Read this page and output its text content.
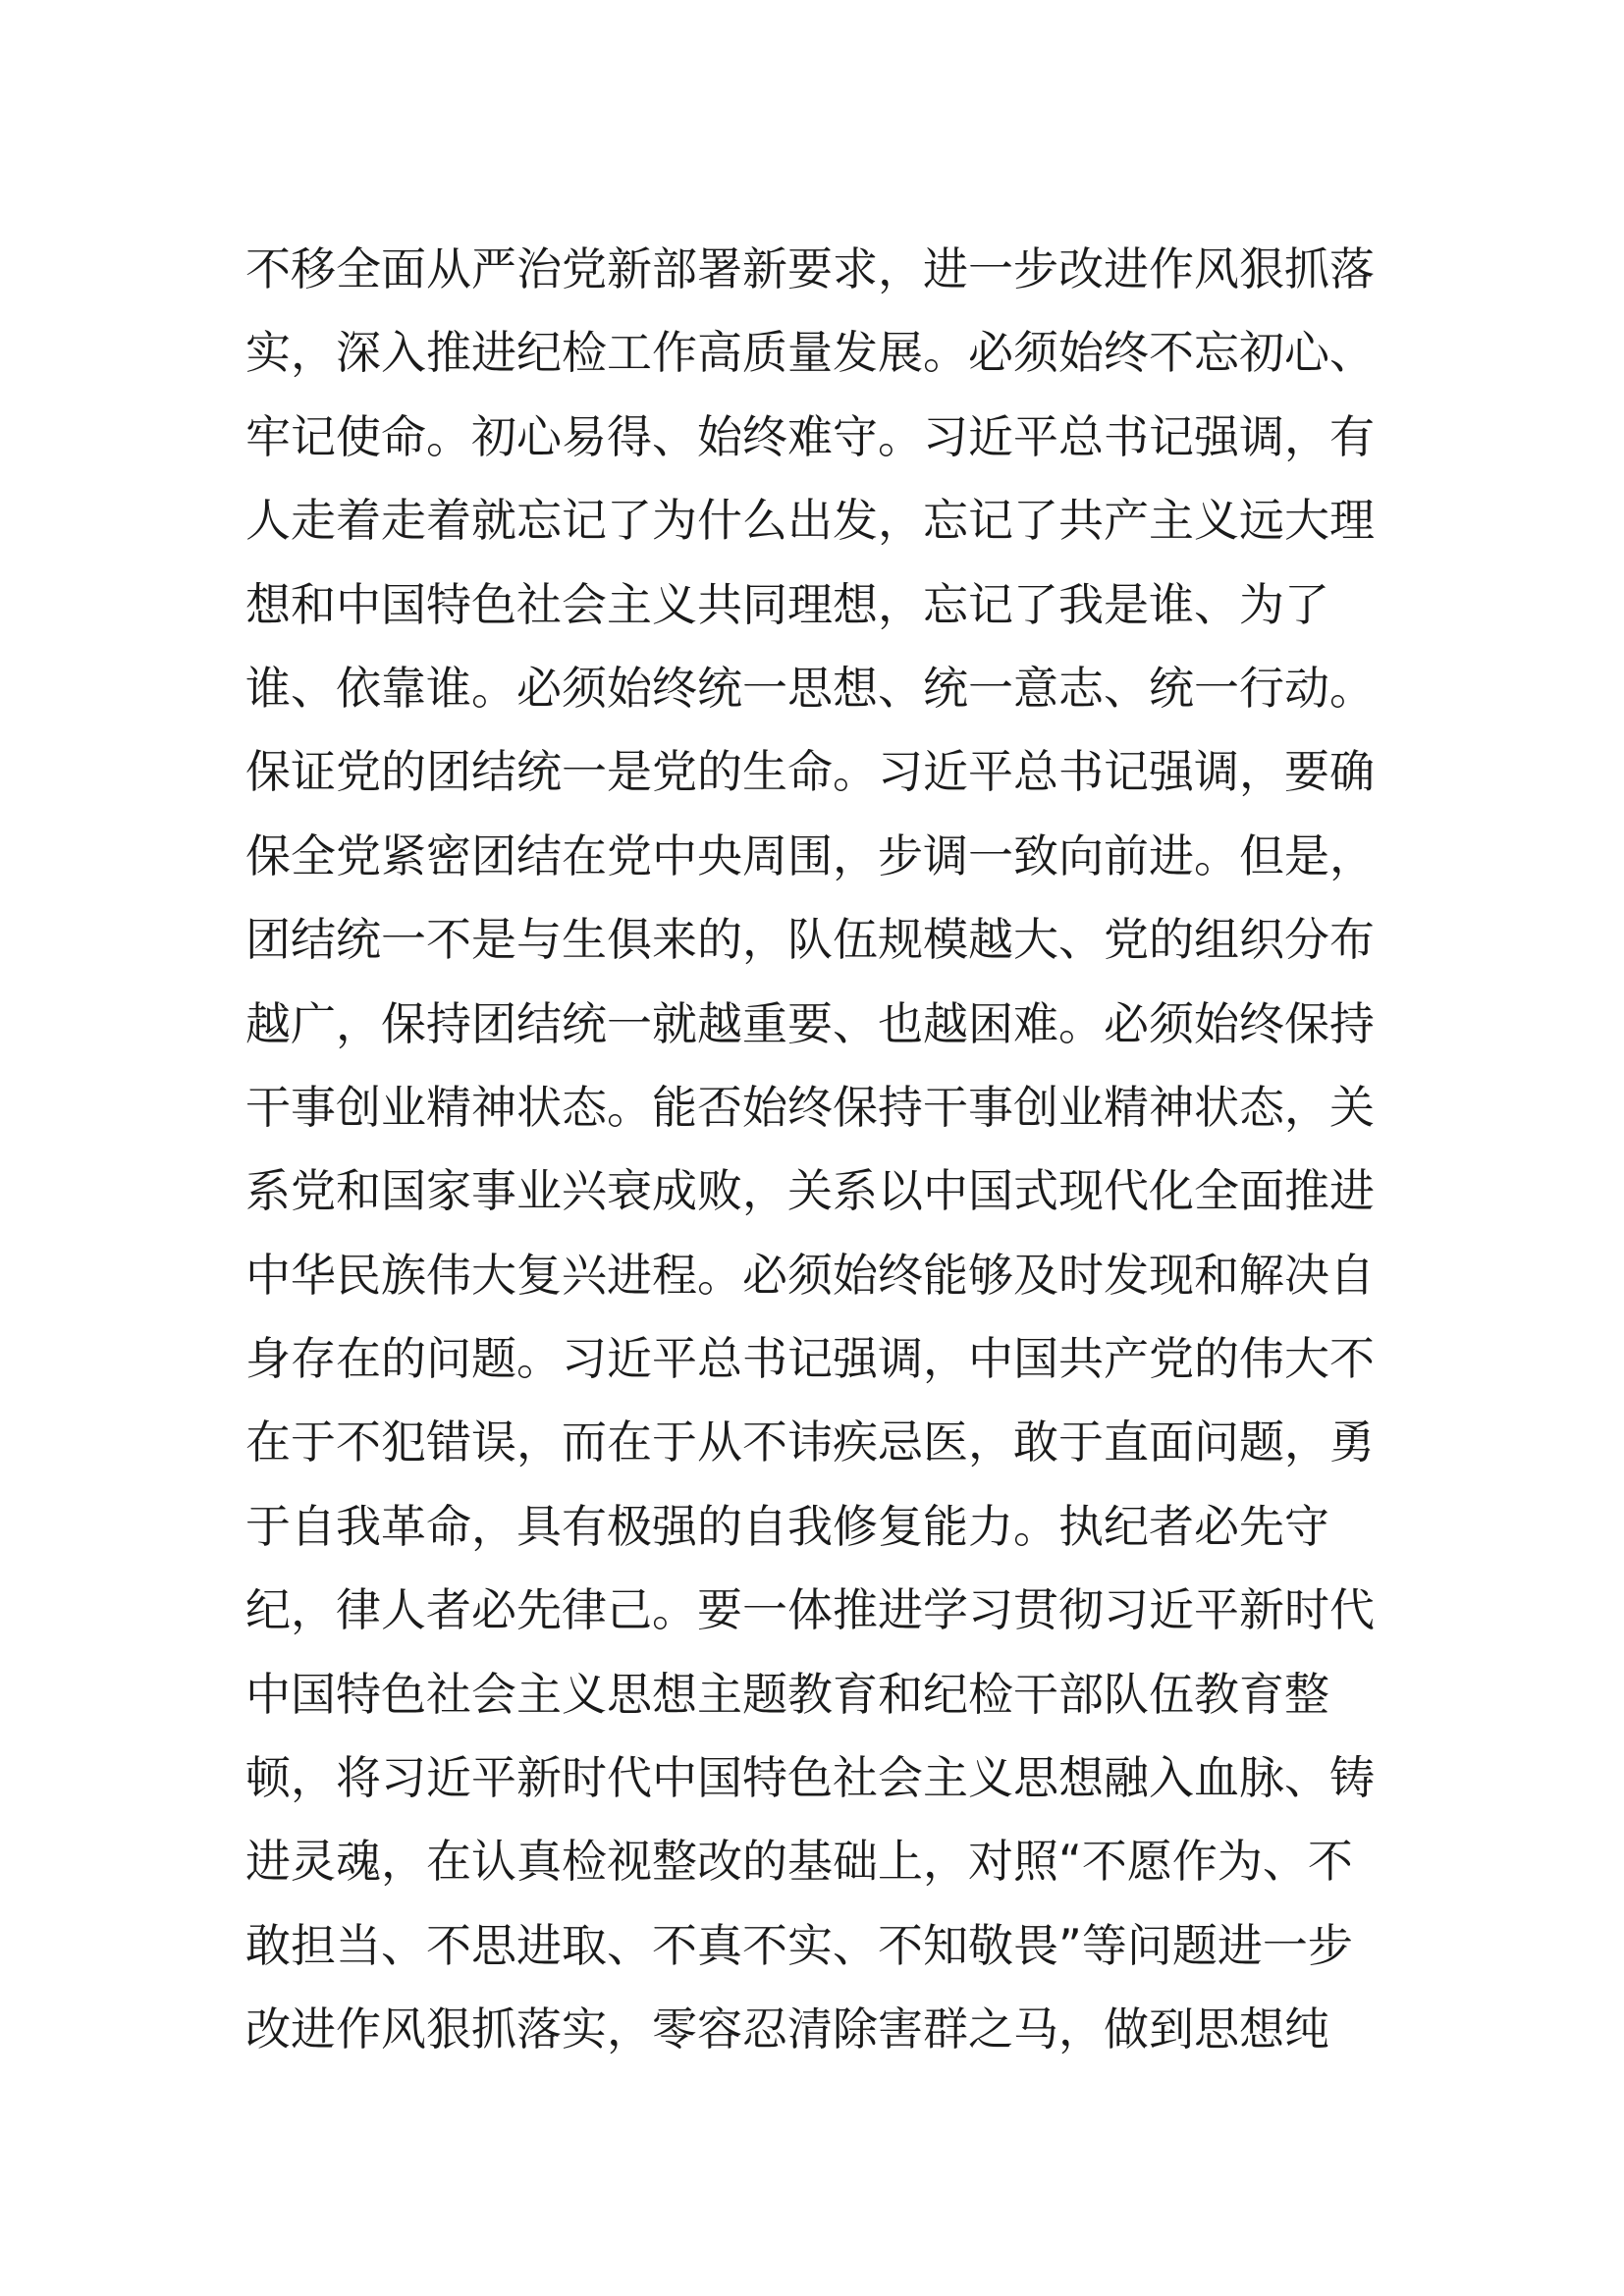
不移全面从严治党新部署新要求，进一步改进作风狠抓落
实，深入推进纪检工作高质量发展。必须始终不忘初心、
牢记使命。初心易得、始终难守。习近平总书记强调，有
人走着走着就忘记了为什么出发，忘记了共产主义远大理
想和中国特色社会主义共同理想，忘记了我是谁、为了
谁、依靠谁。必须始终统一思想、统一意志、统一行动。
保证党的团结统一是党的生命。习近平总书记强调，要确
保全党紧密团结在党中央周围，步调一致向前进。但是，
团结统一不是与生俱来的，队伍规模越大、党的组织分布
越广，保持团结统一就越重要、也越困难。必须始终保持
干事创业精神状态。能否始终保持干事创业精神状态，关
系党和国家事业兴衰成败，关系以中国式现代化全面推进
中华民族伟大复兴进程。必须始终能够及时发现和解决自
身存在的问题。习近平总书记强调，中国共产党的伟大不
在于不犯错误，而在于从不讳疾忌医，敢于直面问题，勇
于自我革命，具有极强的自我修复能力。执纪者必先守
纪，律人者必先律己。要一体推进学习贯彻习近平新时代
中国特色社会主义思想主题教育和纪检干部队伍教育整
顿，将习近平新时代中国特色社会主义思想融入血脉、铸
进灵魂，在认真检视整改的基础上，对照“不愿作为、不
敢担当、不思进取、不真不实、不知敬畏”等问题进一步
改进作风狠抓落实，零容忍清除害群之马，做到思想纯
